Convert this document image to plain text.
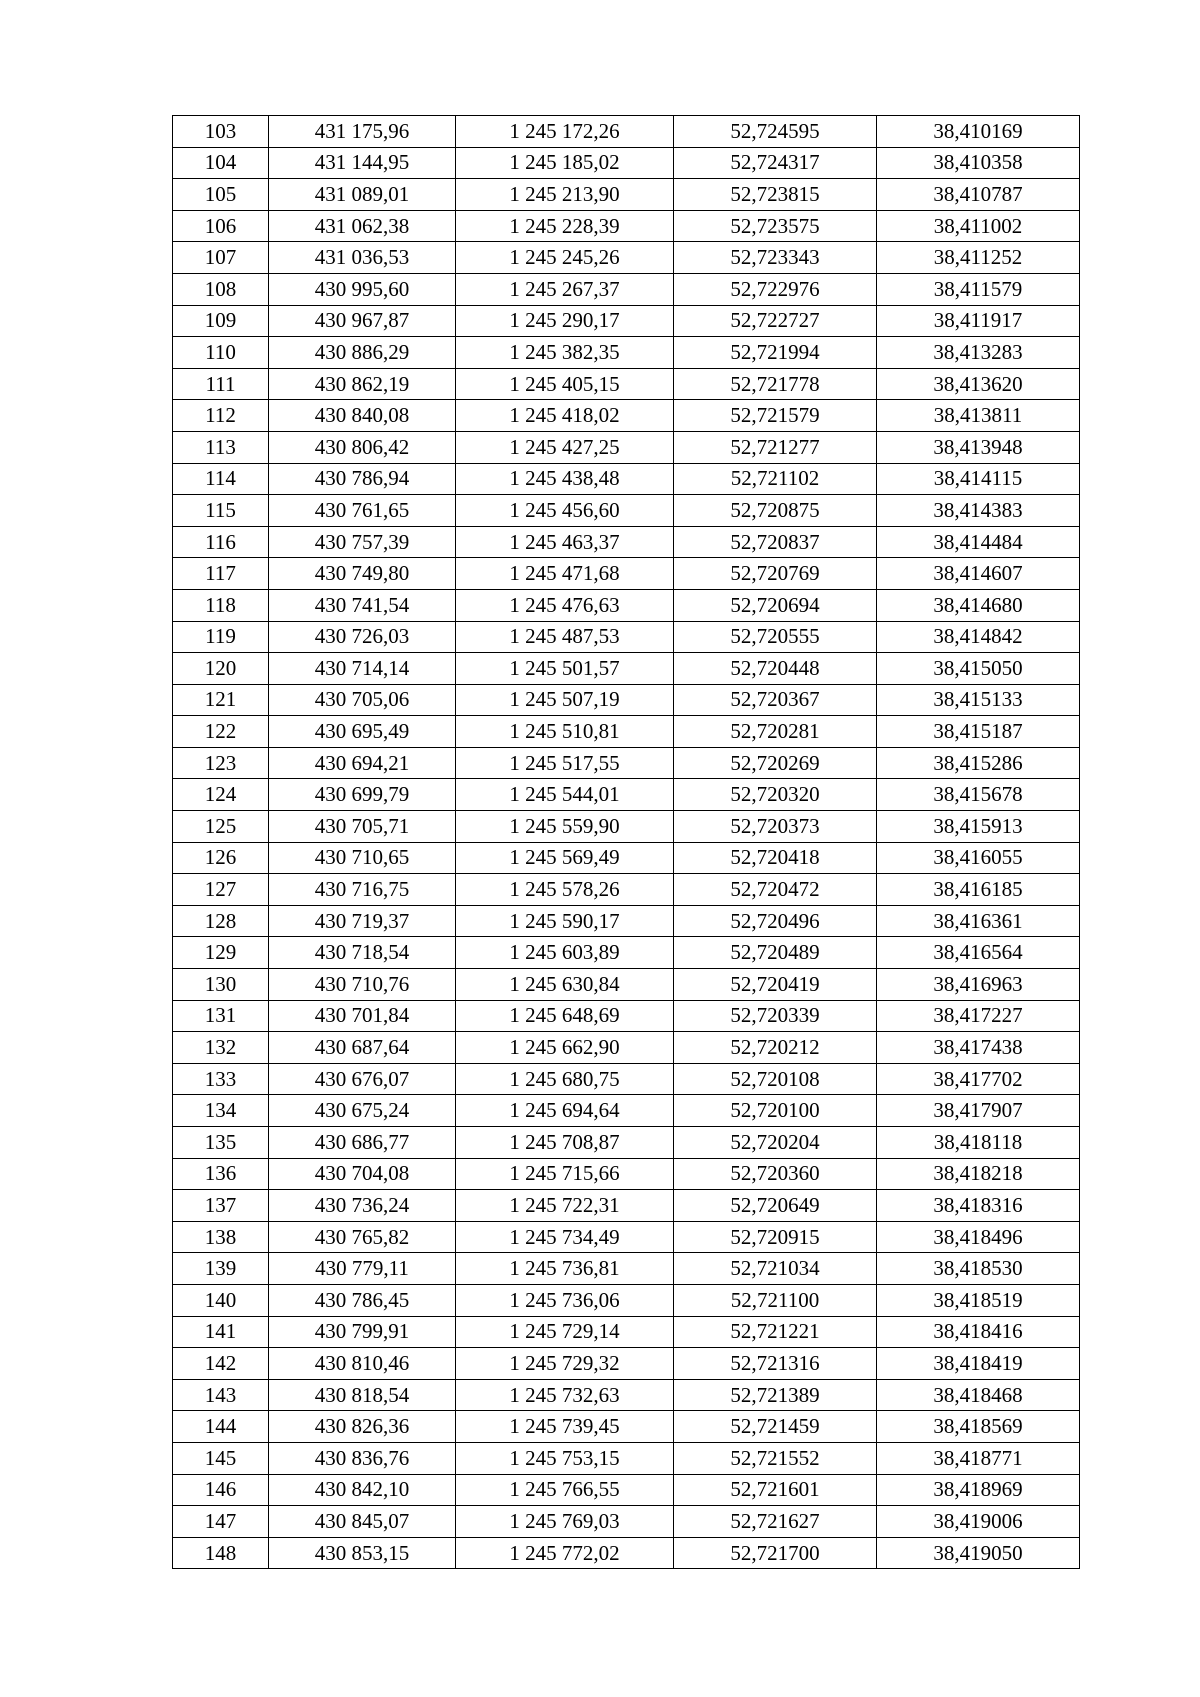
103	431 175,96	1 245 172,26	52,724595	38,410169
104	431 144,95	1 245 185,02	52,724317	38,410358
105	431 089,01	1 245 213,90	52,723815	38,410787
106	431 062,38	1 245 228,39	52,723575	38,411002
107	431 036,53	1 245 245,26	52,723343	38,411252
108	430 995,60	1 245 267,37	52,722976	38,411579
109	430 967,87	1 245 290,17	52,722727	38,411917
110	430 886,29	1 245 382,35	52,721994	38,413283
111	430 862,19	1 245 405,15	52,721778	38,413620
112	430 840,08	1 245 418,02	52,721579	38,413811
113	430 806,42	1 245 427,25	52,721277	38,413948
114	430 786,94	1 245 438,48	52,721102	38,414115
115	430 761,65	1 245 456,60	52,720875	38,414383
116	430 757,39	1 245 463,37	52,720837	38,414484
117	430 749,80	1 245 471,68	52,720769	38,414607
118	430 741,54	1 245 476,63	52,720694	38,414680
119	430 726,03	1 245 487,53	52,720555	38,414842
120	430 714,14	1 245 501,57	52,720448	38,415050
121	430 705,06	1 245 507,19	52,720367	38,415133
122	430 695,49	1 245 510,81	52,720281	38,415187
123	430 694,21	1 245 517,55	52,720269	38,415286
124	430 699,79	1 245 544,01	52,720320	38,415678
125	430 705,71	1 245 559,90	52,720373	38,415913
126	430 710,65	1 245 569,49	52,720418	38,416055
127	430 716,75	1 245 578,26	52,720472	38,416185
128	430 719,37	1 245 590,17	52,720496	38,416361
129	430 718,54	1 245 603,89	52,720489	38,416564
130	430 710,76	1 245 630,84	52,720419	38,416963
131	430 701,84	1 245 648,69	52,720339	38,417227
132	430 687,64	1 245 662,90	52,720212	38,417438
133	430 676,07	1 245 680,75	52,720108	38,417702
134	430 675,24	1 245 694,64	52,720100	38,417907
135	430 686,77	1 245 708,87	52,720204	38,418118
136	430 704,08	1 245 715,66	52,720360	38,418218
137	430 736,24	1 245 722,31	52,720649	38,418316
138	430 765,82	1 245 734,49	52,720915	38,418496
139	430 779,11	1 245 736,81	52,721034	38,418530
140	430 786,45	1 245 736,06	52,721100	38,418519
141	430 799,91	1 245 729,14	52,721221	38,418416
142	430 810,46	1 245 729,32	52,721316	38,418419
143	430 818,54	1 245 732,63	52,721389	38,418468
144	430 826,36	1 245 739,45	52,721459	38,418569
145	430 836,76	1 245 753,15	52,721552	38,418771
146	430 842,10	1 245 766,55	52,721601	38,418969
147	430 845,07	1 245 769,03	52,721627	38,419006
148	430 853,15	1 245 772,02	52,721700	38,419050
